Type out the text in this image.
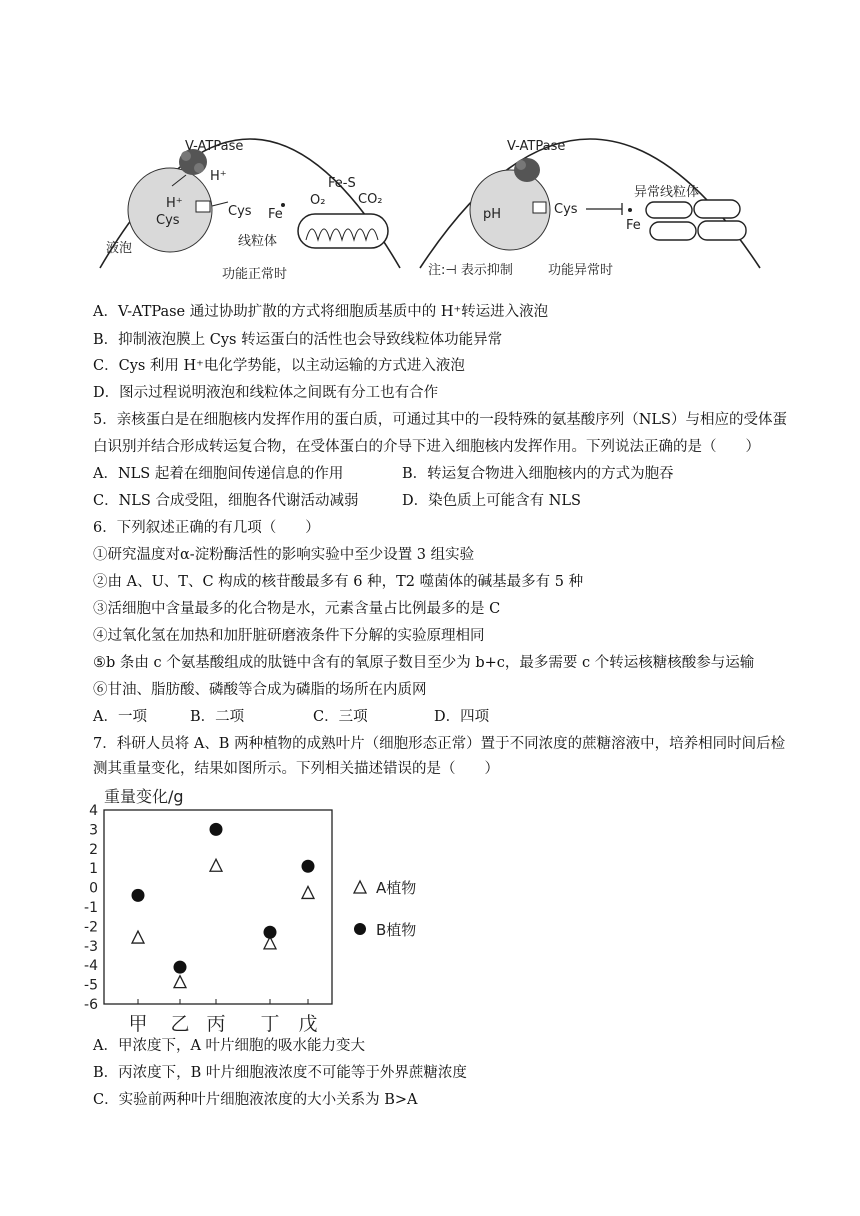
V-ATPase
H⁺
H⁺
Cys
Cys
液泡
Fe
Fe-S
O₂	CO₂
线粒体
功能正常时
V-ATPase
pH	Cys
Fe
异常线粒体
注:⊣ 表示抑制	功能异常时
A．V-ATPase 通过协助扩散的方式将细胞质基质中的 H⁺转运进入液泡
B．抑制液泡膜上 Cys 转运蛋白的活性也会导致线粒体功能异常
C．Cys 利用 H⁺电化学势能，以主动运输的方式进入液泡
D．图示过程说明液泡和线粒体之间既有分工也有合作
5．亲核蛋白是在细胞核内发挥作用的蛋白质，可通过其中的一段特殊的氨基酸序列（NLS）与相应的受体蛋
白识别并结合形成转运复合物，在受体蛋白的介导下进入细胞核内发挥作用。下列说法正确的是（　　）
A．NLS 起着在细胞间传递信息的作用	B．转运复合物进入细胞核内的方式为胞吞
C．NLS 合成受阻，细胞各代谢活动减弱	D．染色质上可能含有 NLS
6．下列叙述正确的有几项（　　）
①研究温度对α-淀粉酶活性的影响实验中至少设置 3 组实验
②由 A、U、T、C 构成的核苷酸最多有 6 种，T2 噬菌体的碱基最多有 5 种
③活细胞中含量最多的化合物是水，元素含量占比例最多的是 C
④过氧化氢在加热和加肝脏研磨液条件下分解的实验原理相同
⑤b 条由 c 个氨基酸组成的肽链中含有的氧原子数目至少为 b+c，最多需要 c 个转运核糖核酸参与运输
⑥甘油、脂肪酸、磷酸等合成为磷脂的场所在内质网
A．一项	B．二项	C．三项	D．四项
7．科研人员将 A、B 两种植物的成熟叶片（细胞形态正常）置于不同浓度的蔗糖溶液中，培养相同时间后检
测其重量变化，结果如图所示。下列相关描述错误的是（　　）
重量变化/g
4
3
2
1
0
-1
-2
-3
-4
-5
-6
甲 乙 丙 丁 戊
A植物
B植物
A．甲浓度下，A 叶片细胞的吸水能力变大
B．丙浓度下，B 叶片细胞液浓度不可能等于外界蔗糖浓度
C．实验前两种叶片细胞液浓度的大小关系为 B>A
